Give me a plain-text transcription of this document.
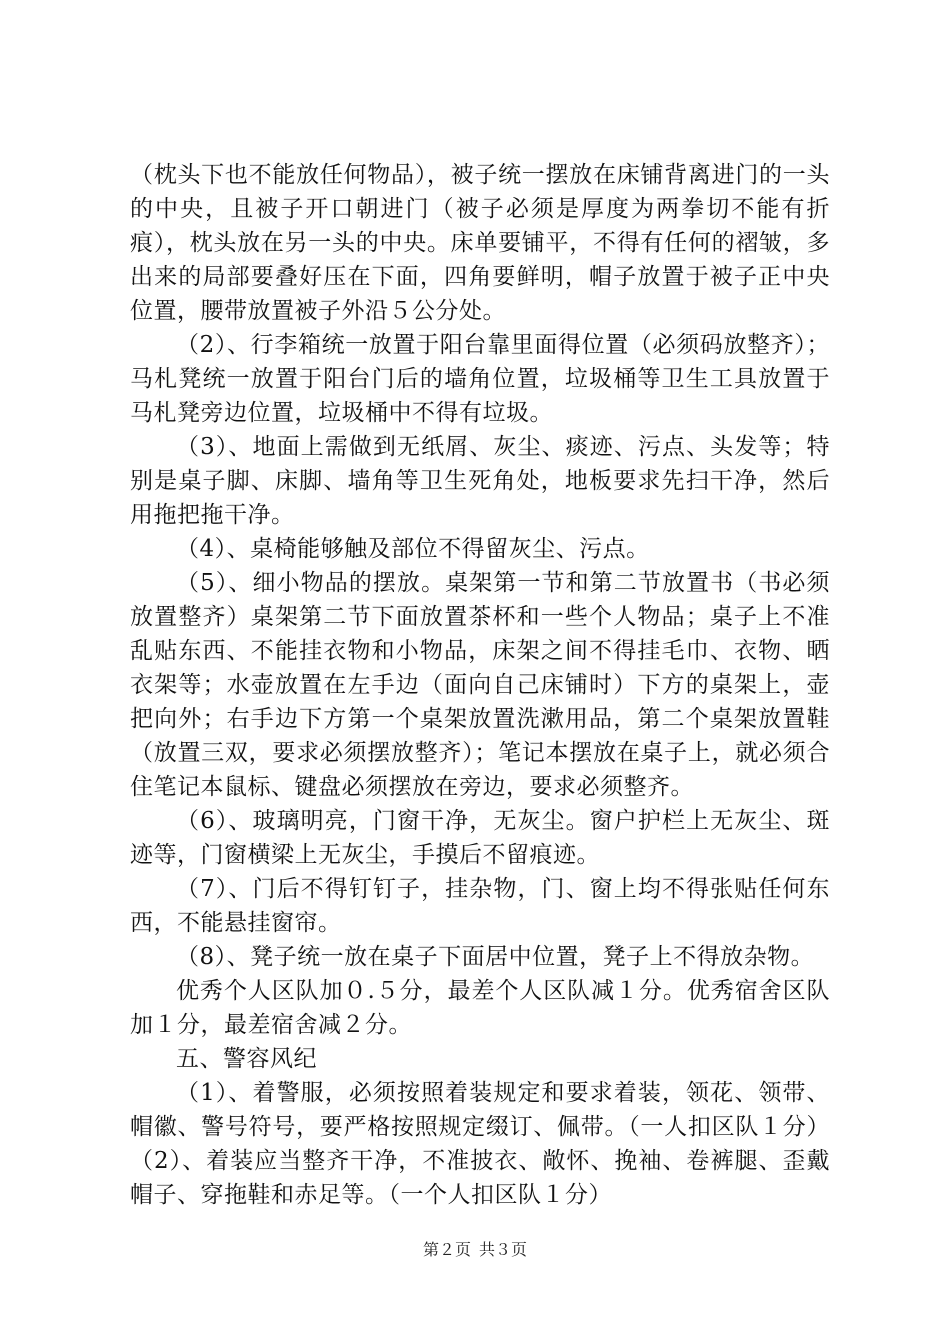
（枕头下也不能放任何物品），被子统一摆放在床铺背离进门的一头的中央，且被子开口朝进门（被子必须是厚度为两拳切不能有折痕），枕头放在另一头的中央。床单要铺平，不得有任何的褶皱，多出来的局部要叠好压在下面，四角要鲜明，帽子放置于被子正中央位置，腰带放置被子外沿５公分处。

（2）、行李箱统一放置于阳台靠里面得位置（必须码放整齐）；马札凳统一放置于阳台门后的墙角位置，垃圾桶等卫生工具放置于马札凳旁边位置，垃圾桶中不得有垃圾。

（3）、地面上需做到无纸屑、灰尘、痰迹、污点、头发等；特别是桌子脚、床脚、墙角等卫生死角处，地板要求先扫干净，然后用拖把拖干净。

（4）、桌椅能够触及部位不得留灰尘、污点。

（5）、细小物品的摆放。桌架第一节和第二节放置书（书必须放置整齐）桌架第二节下面放置茶杯和一些个人物品；桌子上不准乱贴东西、不能挂衣物和小物品，床架之间不得挂毛巾、衣物、晒衣架等；水壶放置在左手边（面向自己床铺时）下方的桌架上，壶把向外；右手边下方第一个桌架放置洗漱用品，第二个桌架放置鞋（放置三双，要求必须摆放整齐）；笔记本摆放在桌子上，就必须合住笔记本鼠标、键盘必须摆放在旁边，要求必须整齐。

（6）、玻璃明亮，门窗干净，无灰尘。窗户护栏上无灰尘、斑迹等，门窗横梁上无灰尘，手摸后不留痕迹。

（7）、门后不得钉钉子，挂杂物，门、窗上均不得张贴任何东西，不能悬挂窗帘。

（8）、凳子统一放在桌子下面居中位置，凳子上不得放杂物。

优秀个人区队加０.５分，最差个人区队减１分。优秀宿舍区队加１分，最差宿舍减２分。

五、警容风纪

（1）、着警服，必须按照着装规定和要求着装，领花、领带、帽徽、警号符号，要严格按照规定缀订、佩带。（一人扣区队１分）（2）、着装应当整齐干净，不准披衣、敞怀、挽袖、卷裤腿、歪戴帽子、穿拖鞋和赤足等。（一个人扣区队１分）

第２页 共３页
